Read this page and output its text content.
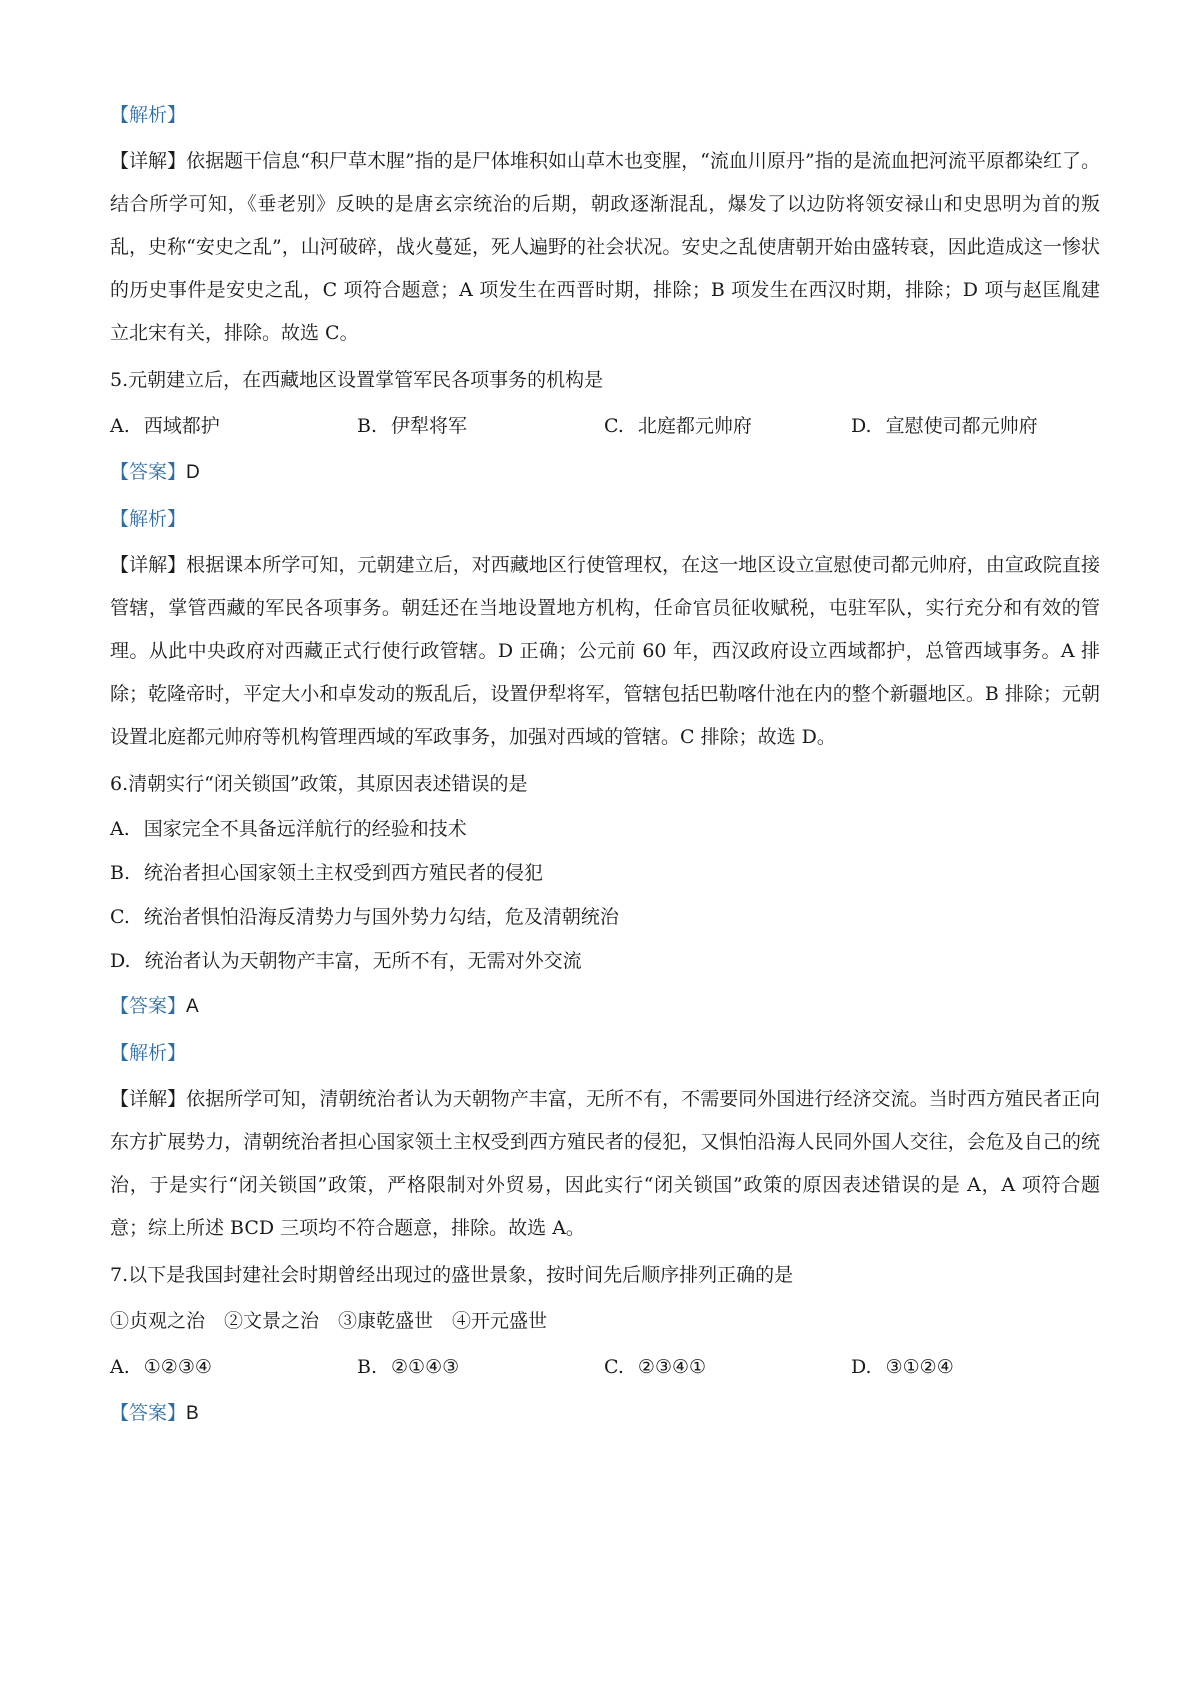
【解析】
【详解】依据题干信息“积尸草木腥”指的是尸体堆积如山草木也变腥，“流血川原丹”指的是流血把河流平原都染红了。结合所学可知，《垂老别》反映的是唐玄宗统治的后期，朝政逐渐混乱，爆发了以边防将领安禄山和史思明为首的叛乱，史称“安史之乱”，山河破碎，战火蔓延，死人遍野的社会状况。安史之乱使唐朝开始由盛转衰，因此造成这一惨状的历史事件是安史之乱，C 项符合题意；A 项发生在西晋时期，排除；B 项发生在西汉时期，排除；D 项与赵匡胤建立北宋有关，排除。故选 C。
5.元朝建立后，在西藏地区设置掌管军民各项事务的机构是
A. 西域都护	B. 伊犁将军	C. 北庭都元帅府	D. 宣慰使司都元帅府
【答案】D
【解析】
【详解】根据课本所学可知，元朝建立后，对西藏地区行使管理权，在这一地区设立宣慰使司都元帅府，由宣政院直接管辖，掌管西藏的军民各项事务。朝廷还在当地设置地方机构，任命官员征收赋税，屯驻军队，实行充分和有效的管理。从此中央政府对西藏正式行使行政管辖。D 正确；公元前 60 年，西汉政府设立西域都护，总管西域事务。A 排除；乾隆帝时，平定大小和卓发动的叛乱后，设置伊犁将军，管辖包括巴勒喀什池在内的整个新疆地区。B 排除；元朝设置北庭都元帅府等机构管理西域的军政事务，加强对西域的管辖。C 排除；故选 D。
6.清朝实行“闭关锁国”政策，其原因表述错误的是
A. 国家完全不具备远洋航行的经验和技术
B. 统治者担心国家领土主权受到西方殖民者的侵犯
C. 统治者惧怕沿海反清势力与国外势力勾结，危及清朝统治
D. 统治者认为天朝物产丰富，无所不有，无需对外交流
【答案】A
【解析】
【详解】依据所学可知，清朝统治者认为天朝物产丰富，无所不有，不需要同外国进行经济交流。当时西方殖民者正向东方扩展势力，清朝统治者担心国家领土主权受到西方殖民者的侵犯，又惧怕沿海人民同外国人交往，会危及自己的统治，于是实行“闭关锁国”政策，严格限制对外贸易，因此实行“闭关锁国”政策的原因表述错误的是 A，A 项符合题意；综上所述 BCD 三项均不符合题意，排除。故选 A。
7.以下是我国封建社会时期曾经出现过的盛世景象，按时间先后顺序排列正确的是
①贞观之治　②文景之治　③康乾盛世　④开元盛世
A. ①②③④	B. ②①④③	C. ②③④①	D. ③①②④
【答案】B
